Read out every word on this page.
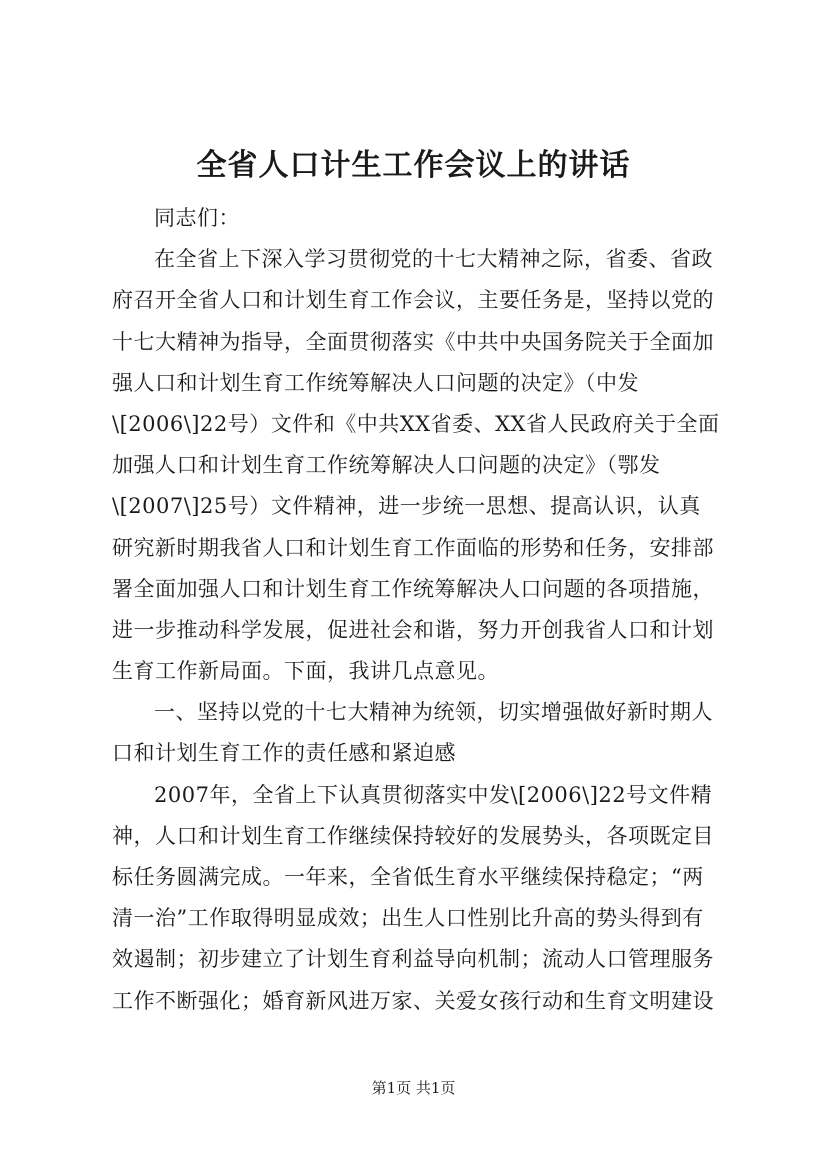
全省人口计生工作会议上的讲话
同志们：
在全省上下深入学习贯彻党的十七大精神之际，省委、省政
府召开全省人口和计划生育工作会议，主要任务是，坚持以党的
十七大精神为指导，全面贯彻落实《中共中央国务院关于全面加
强人口和计划生育工作统筹解决人口问题的决定》（中发
\[2006\]22号）文件和《中共XX省委、XX省人民政府关于全面
加强人口和计划生育工作统筹解决人口问题的决定》（鄂发
\[2007\]25号）文件精神，进一步统一思想、提高认识，认真
研究新时期我省人口和计划生育工作面临的形势和任务，安排部
署全面加强人口和计划生育工作统筹解决人口问题的各项措施，
进一步推动科学发展，促进社会和谐，努力开创我省人口和计划
生育工作新局面。下面，我讲几点意见。
一、坚持以党的十七大精神为统领，切实增强做好新时期人
口和计划生育工作的责任感和紧迫感
2007年，全省上下认真贯彻落实中发\[2006\]22号文件精
神，人口和计划生育工作继续保持较好的发展势头，各项既定目
标任务圆满完成。一年来，全省低生育水平继续保持稳定；“两
清一治”工作取得明显成效；出生人口性别比升高的势头得到有
效遏制；初步建立了计划生育利益导向机制；流动人口管理服务
工作不断强化；婚育新风进万家、关爱女孩行动和生育文明建设
第1页 共1页
